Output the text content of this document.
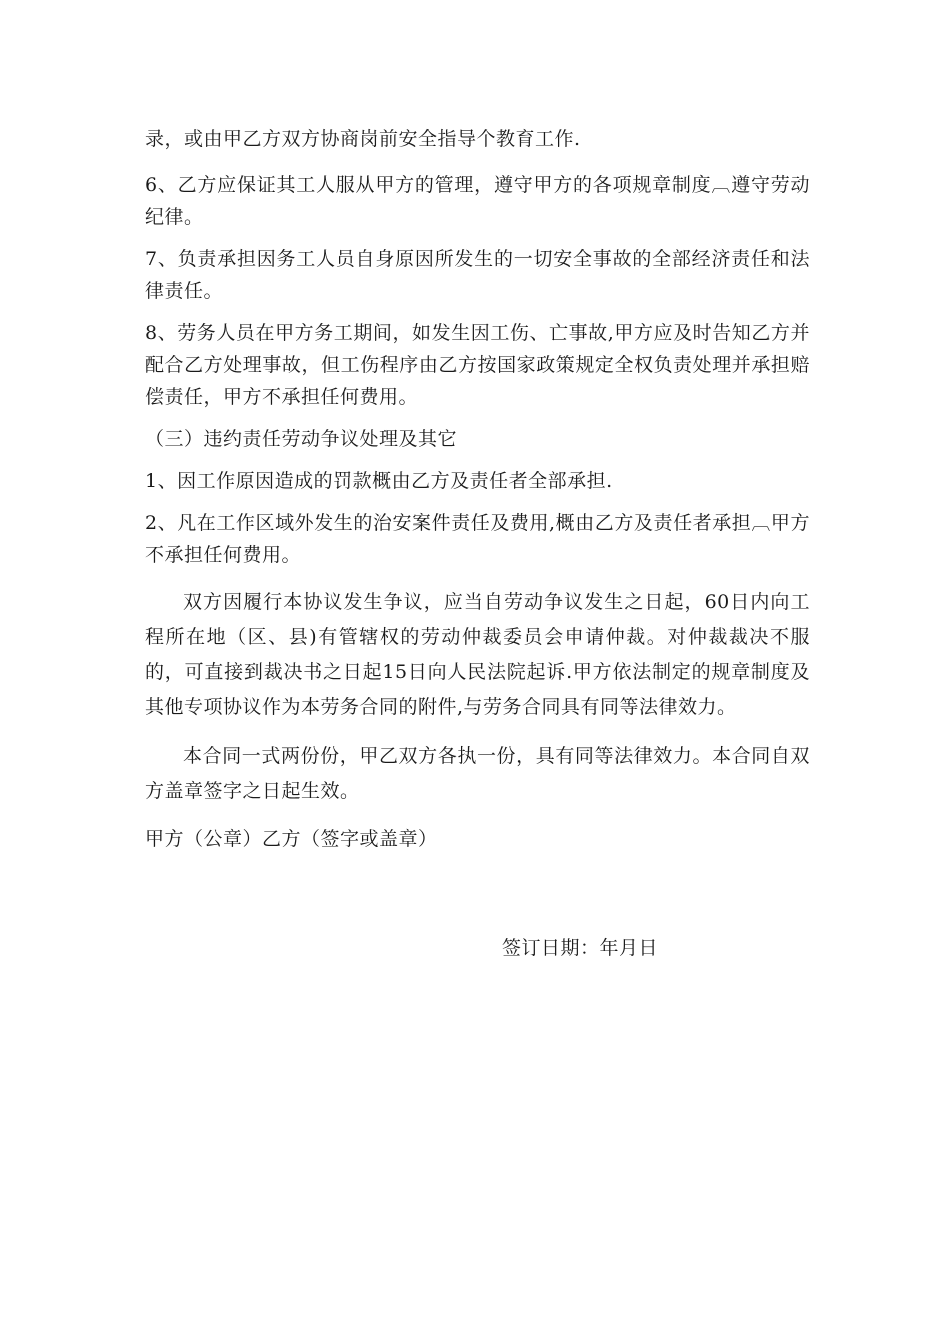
录，或由甲乙方双方协商岗前安全指导个教育工作.

6、乙方应保证其工人服从甲方的管理，遵守甲方的各项规章制度︹遵守劳动纪律。

7、负责承担因务工人员自身原因所发生的一切安全事故的全部经济责任和法律责任。

8、劳务人员在甲方务工期间，如发生因工伤、亡事故,甲方应及时告知乙方并配合乙方处理事故，但工伤程序由乙方按国家政策规定全权负责处理并承担赔偿责任，甲方不承担任何费用。

（三）违约责任劳动争议处理及其它

1、因工作原因造成的罚款概由乙方及责任者全部承担.

2、凡在工作区域外发生的治安案件责任及费用,概由乙方及责任者承担︹甲方不承担任何费用。

双方因履行本协议发生争议，应当自劳动争议发生之日起，60日内向工程所在地（区、县)有管辖权的劳动仲裁委员会申请仲裁。对仲裁裁决不服的，可直接到裁决书之日起15日向人民法院起诉.甲方依法制定的规章制度及其他专项协议作为本劳务合同的附件,与劳务合同具有同等法律效力。

本合同一式两份份，甲乙双方各执一份，具有同等法律效力。本合同自双方盖章签字之日起生效。

甲方（公章）乙方（签字或盖章）

签订日期：年月日
